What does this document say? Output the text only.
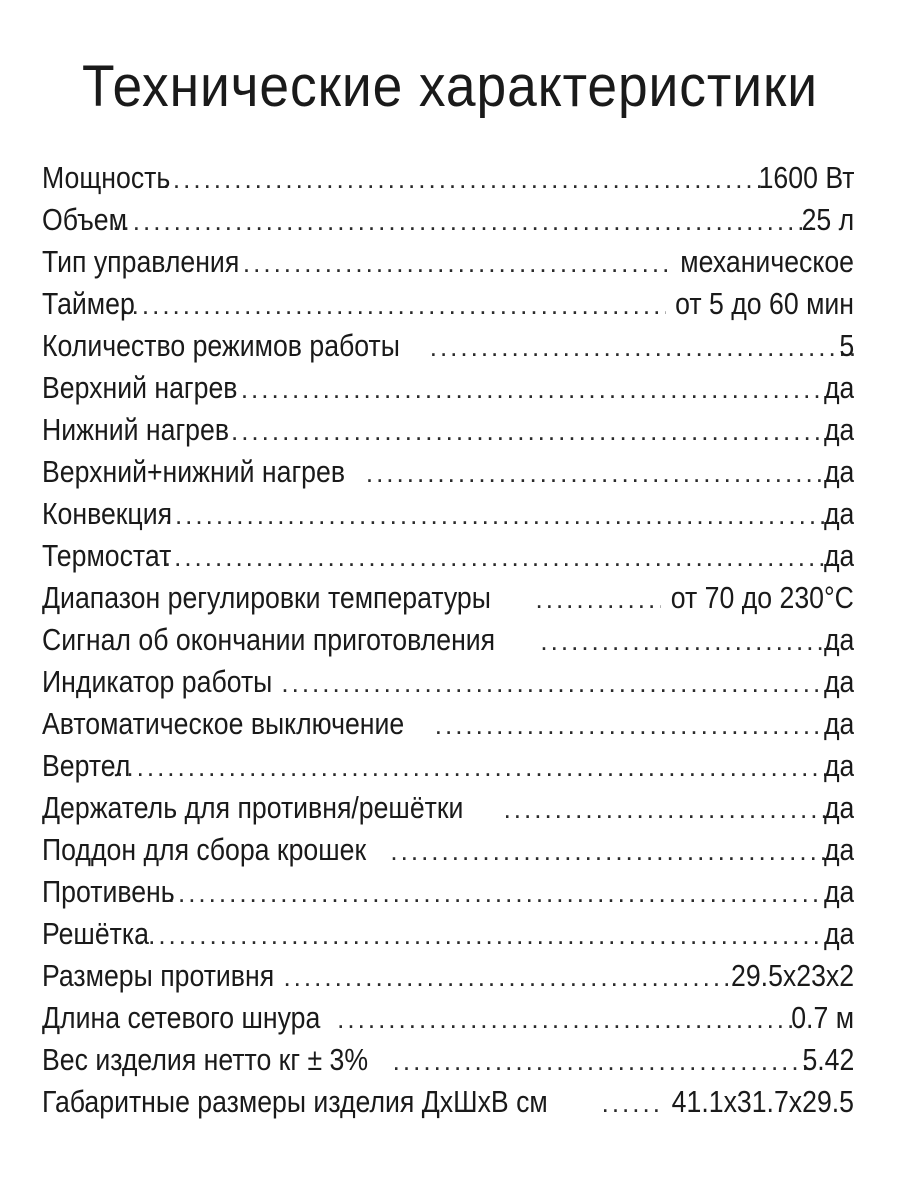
Технические характеристики
Мощность .....	1600 Вт
Объем .....	25 л
Тип управления .....	механическое
Таймер .....	от 5 до 60 мин
Количество режимов работы .....	5
Верхний нагрев .....	да
Нижний нагрев .....	да
Верхний+нижний нагрев .....	да
Конвекция .....	да
Термостат .....	да
Диапазон регулировки температуры .....	от 70 до 230°С
Сигнал об окончании приготовления .....	да
Индикатор работы .....	да
Автоматическое выключение .....	да
Вертел .....	да
Держатель для противня/решётки .....	да
Поддон для сбора крошек .....	да
Противень .....	да
Решётка .....	да
Размеры противня .....	29.5х23х2
Длина сетевого шнура .....	0.7 м
Вес изделия нетто кг ± 3% .....	5.42
Габаритные размеры изделия ДхШхВ см .....	41.1х31.7х29.5
